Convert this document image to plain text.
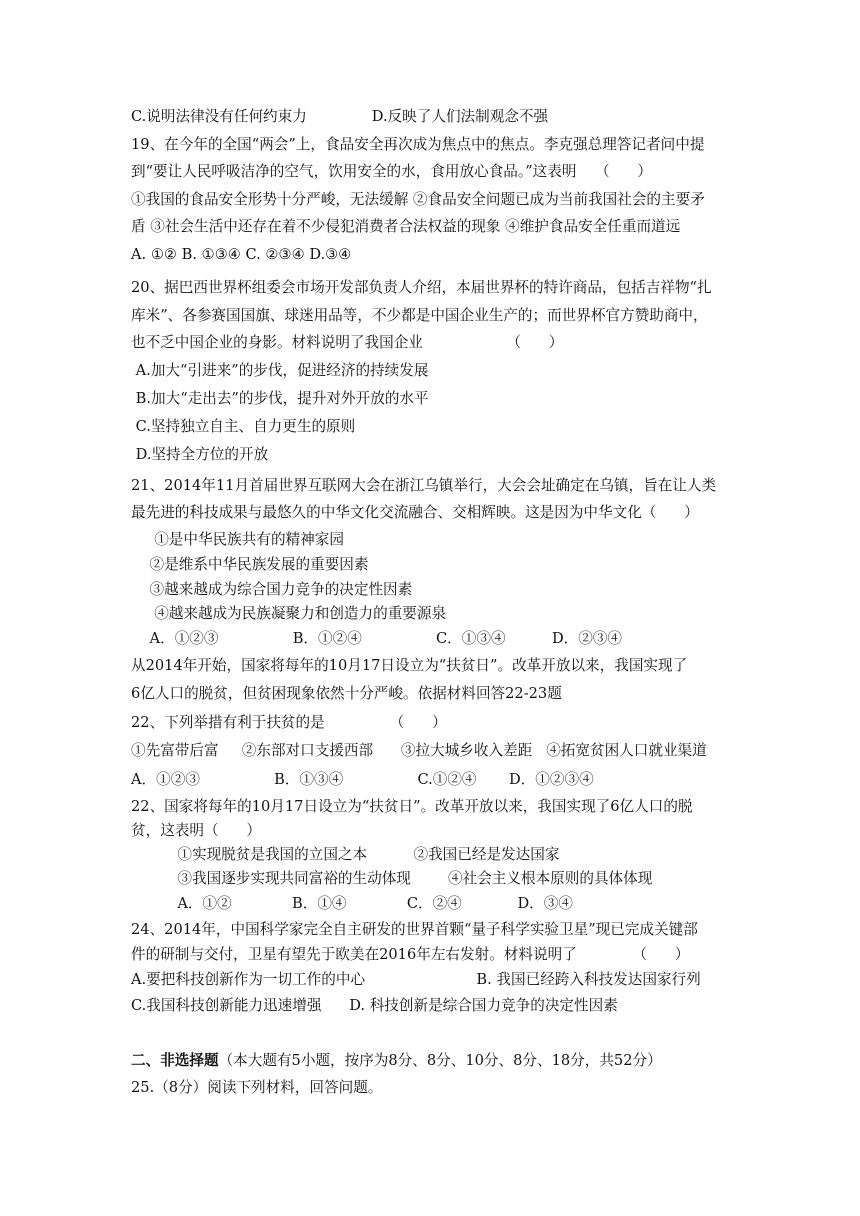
C.说明法律没有任何约束力              D.反映了人们法制观念不强
19、在今年的全国“两会”上，食品安全再次成为焦点中的焦点。李克强总理答记者问中提
到“要让人民呼吸洁净的空气，饮用安全的水，食用放心食品。”这表明    （      ）
①我国的食品安全形势十分严峻，无法缓解 ②食品安全问题已成为当前我国社会的主要矛
盾 ③社会生活中还存在着不少侵犯消费者合法权益的现象 ④维护食品安全任重而道远
A. ①② B. ①③④ C. ②③④ D.③④
20、据巴西世界杯组委会市场开发部负责人介绍，本届世界杯的特许商品，包括吉祥物“扎
库米”、各参赛国国旗、球迷用品等，不少都是中国企业生产的；而世界杯官方赞助商中，
也不乏中国企业的身影。材料说明了我国企业                  （      ）
A.加大“引进来”的步伐，促进经济的持续发展
B.加大“走出去”的步伐，提升对外开放的水平
C.坚持独立自主、自力更生的原则
D.坚持全方位的开放
21、2014年11月首届世界互联网大会在浙江乌镇举行，大会会址确定在乌镇，旨在让人类
最先进的科技成果与最悠久的中华文化交流融合、交相辉映。这是因为中华文化（      ）
①是中华民族共有的精神家园
②是维系中华民族发展的重要因素
③越来越成为综合国力竞争的决定性因素
④越来越成为民族凝聚力和创造力的重要源泉
A．①②③                B．①②④                C．①③④          D．②③④
从2014年开始，国家将每年的10月17日设立为“扶贫日”。改革开放以来，我国实现了
6亿人口的脱贫，但贫困现象依然十分严峻。依据材料回答22-23题
22、下列举措有利于扶贫的是              （      ）
①先富带后富     ②东部对口支援西部      ③拉大城乡收入差距   ④拓宽贫困人口就业渠道
A．①②③                B．①③④                C.①②④       D．①②③④
22、国家将每年的10月17日设立为“扶贫日”。改革开放以来，我国实现了6亿人口的脱
贫，这表明（      ）
①实现脱贫是我国的立国之本          ②我国已经是发达国家
③我国逐步实现共同富裕的生动体现        ④社会主义根本原则的具体体现
A．①②             B．①④             C．②④            D．③④
24、2014年，中国科学家完全自主研发的世界首颗“量子科学实验卫星”现已完成关键部
件的研制与交付，卫星有望先于欧美在2016年左右发射。材料说明了            （      ）
A.要把科技创新作为一切工作的中心                        B. 我国已经跨入科技发达国家行列
C.我国科技创新能力迅速增强      D. 科技创新是综合国力竞争的决定性因素
二、非选择题（本大题有5小题，按序为8分、8分、10分、8分、18分，共52分）
25.（8分）阅读下列材料，回答问题。
